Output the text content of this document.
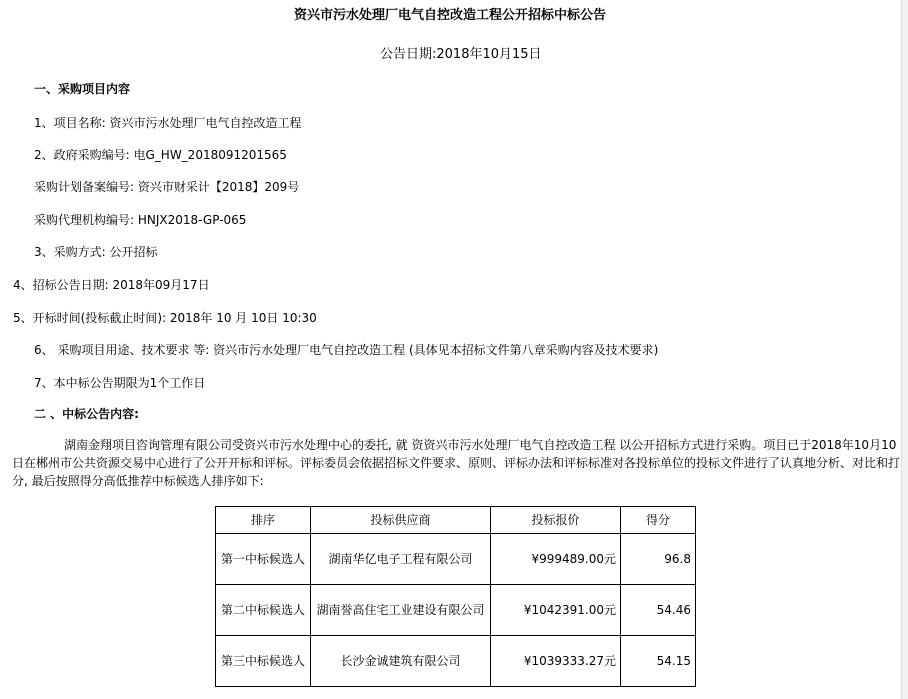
资兴市污水处理厂电气自控改造工程公开招标中标公告
公告日期:2018年10月15日
一、采购项目内容
1、项目名称: 资兴市污水处理厂电气自控改造工程
2、政府采购编号: 电G_HW_2018091201565
采购计划备案编号: 资兴市财采计【2018】209号
采购代理机构编号: HNJX2018-GP-065
3、采购方式: 公开招标
4、招标公告日期: 2018年09月17日
5、开标时间(投标截止时间): 2018年 10 月 10日 10:30
6、 采购项目用途、技术要求 等: 资兴市污水处理厂电气自控改造工程 (具体见本招标文件第八章采购内容及技术要求)
7、本中标公告期限为1个工作日
二 、中标公告内容:
湖南金翔项目咨询管理有限公司受资兴市污水处理中心的委托, 就 资资兴市污水处理厂电气自控改造工程 以公开招标方式进行采购。项目已于2018年10月10日在郴州市公共资源交易中心进行了公开开标和评标。评标委员会依据招标文件要求、原则、评标办法和评标标准对各投标单位的投标文件进行了认真地分析、对比和打分, 最后按照得分高低推荐中标候选人排序如下:
排序	投标供应商	投标报价	得分
第一中标候选人	湖南华亿电子工程有限公司	¥999489.00元	96.8
第二中标候选人	湖南誉高住宅工业建设有限公司	¥1042391.00元	54.46
第三中标候选人	长沙金诚建筑有限公司	¥1039333.27元	54.15
